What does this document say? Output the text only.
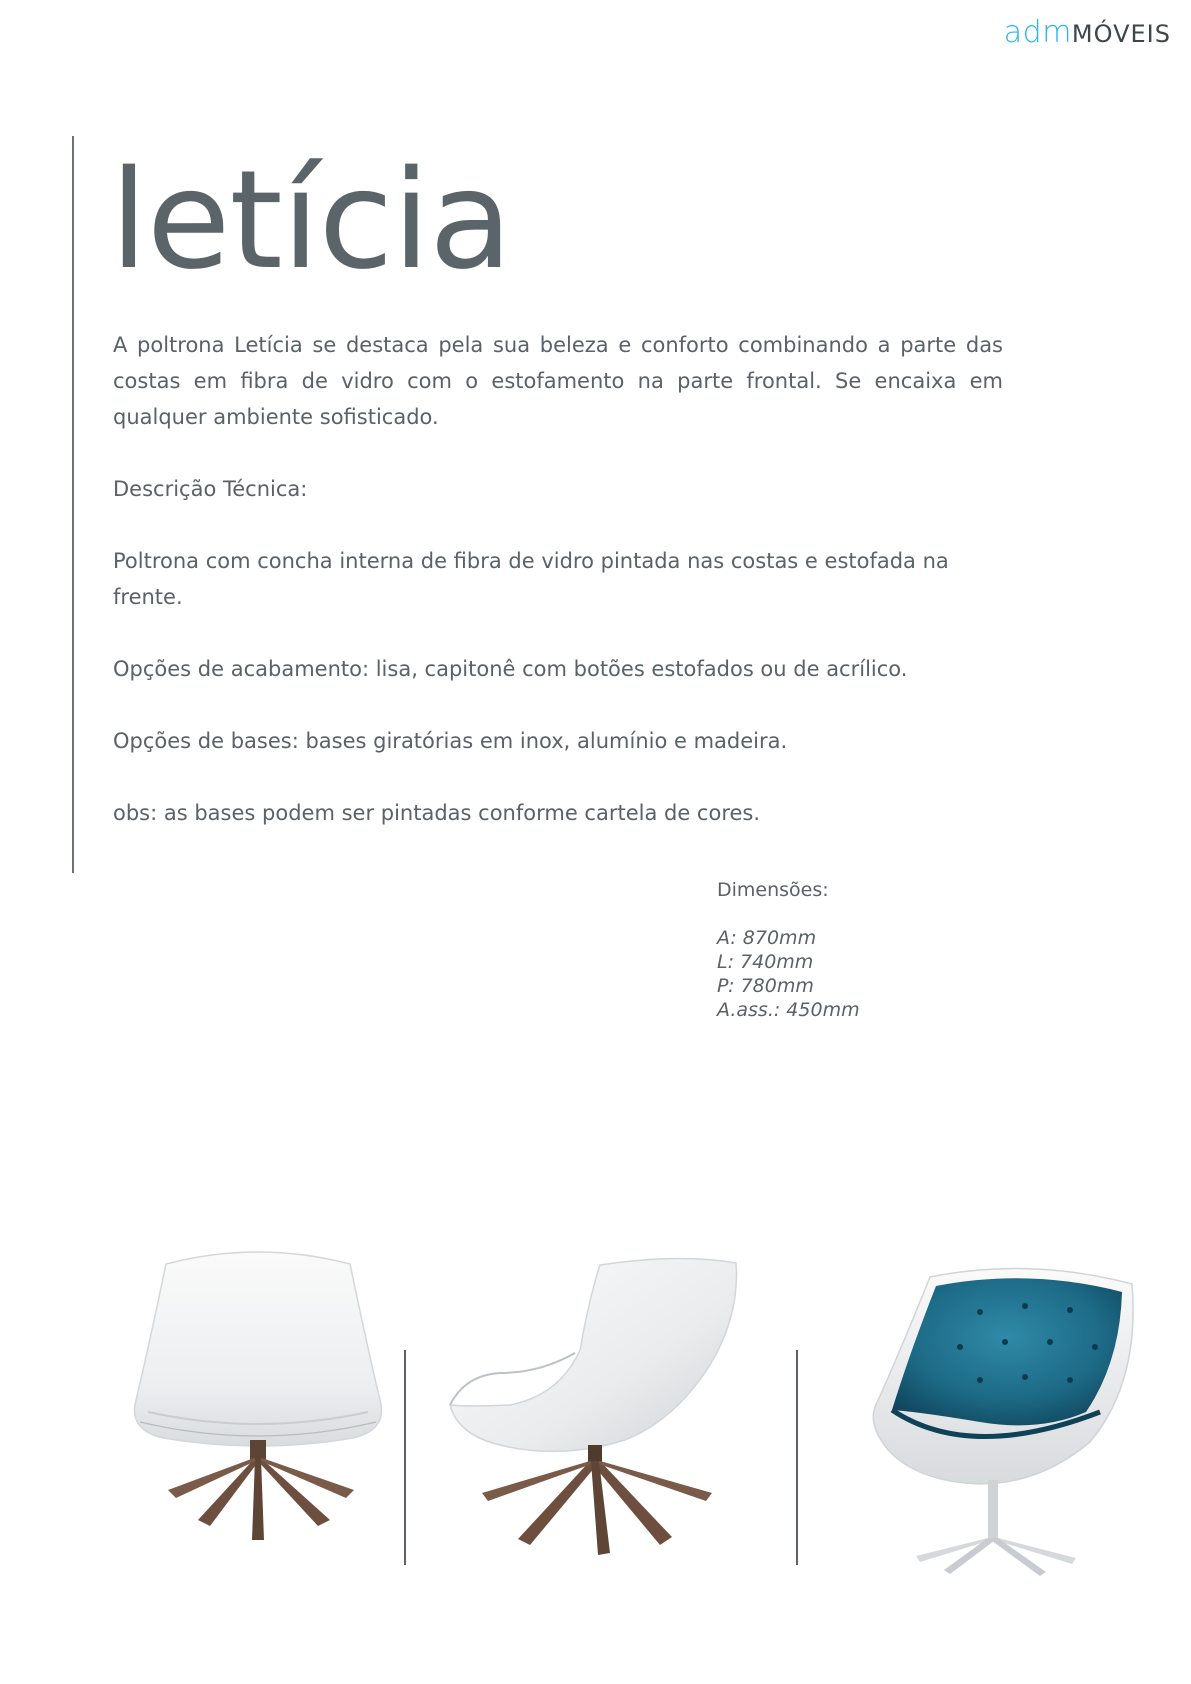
admMÓVEIS
letícia

A poltrona Letícia se destaca pela sua beleza e conforto combinando a parte das costas em fibra de vidro com o estofamento na parte frontal. Se encaixa em qualquer ambiente sofisticado.

Descrição Técnica:

Poltrona com concha interna de fibra de vidro pintada nas costas e estofada na frente.

Opções de acabamento: lisa, capitonê com botões estofados ou de acrílico.

Opções de bases: bases giratórias em inox, alumínio e madeira.

obs: as bases podem ser pintadas conforme cartela de cores.

Dimensões:

A: 870mm
L: 740mm
P: 780mm
A.ass.: 450mm
